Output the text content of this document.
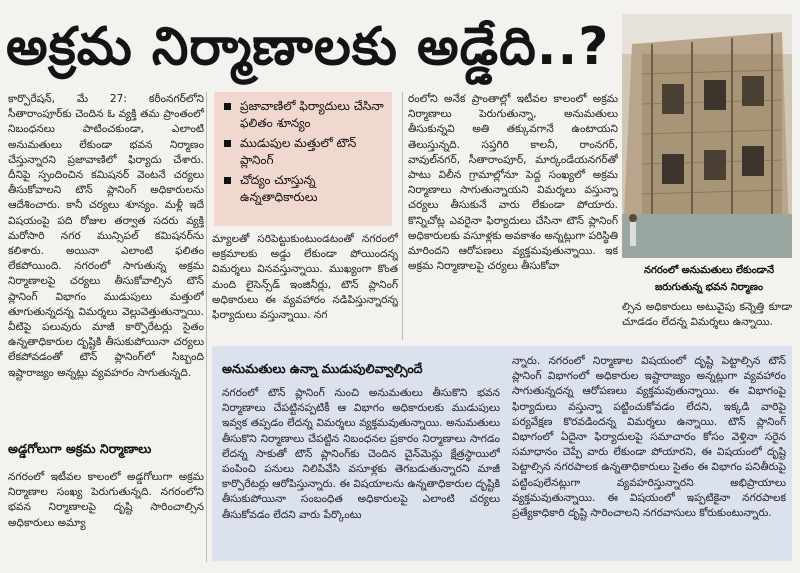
అక్రమ నిర్మాణాలకు అడ్డేది..?

కార్పొరేషన్, మే 27: కరీంనగర్‌లోని సీతారాంపూర్‌కు చెందిన ఓ వ్యక్తి తమ ప్రాంతంలో నిబంధనలు పాటించకుండా, ఎలాంటి అనుమతులు లేకుండా భవన నిర్మాణం చేస్తున్నారని ప్రజావాణిలో ఫిర్యాదు చేశారు. దీనిపై స్పందించిన కమిషనర్ వెంటనే చర్యలు తీసుకోవాలని టౌన్ ప్లానింగ్ అధికారులను ఆదేశించారు. కానీ చర్యలు శూన్యం. మళ్లీ ఇదే విషయంపై పది రోజుల తర్వాత సదరు వ్యక్తి మరోసారి నగర మున్సిపల్ కమిషనర్‌ను కలిశారు. అయినా ఎలాంటి ఫలితం లేకపోయింది. నగరంలో సాగుతున్న అక్రమ నిర్మాణాలపై చర్యలు తీసుకోవాల్సిన టౌన్ ప్లానింగ్ విభాగం ముడుపులు మత్తులో తూగుతున్నదన్న విమర్శలు వెల్లువెత్తుతున్నాయి. వీటిపై పలువురు మాజీ కార్పొరేటర్లు సైతం ఉన్నతాధికారుల దృష్టికి తీసుకుపోయినా చర్యలు లేకపోవడంతో టౌన్ ప్లానింగ్‌లో సిబ్బంది ఇష్టారాజ్యం అన్నట్లు వ్యవహరం సాగుతున్నది.

అడ్డగోలుగా అక్రమ నిర్మాణాలు

నగరంలో ఇటీవల కాలంలో అడ్డగోలుగా అక్రమ నిర్మాణాల సంఖ్య పెరుగుతున్నది. నగరంలోని భవన నిర్మాణాలపై దృష్టి సారించాల్సిన అధికారులు అమ్యా

ప్రజావాణిలో ఫిర్యాదులు చేసినా ఫలితం శూన్యం
ముడుపుల మత్తులో టౌన్ ప్లానింగ్
చోద్యం చూస్తున్న ఉన్నతాధికారులు

మ్యాలతో సరిపెట్టుకుంటుండటంతో నగరంలో అక్రమాలకు అడ్డు లేకుండా పోయిందన్న విమర్శలు వినవస్తున్నాయి. ముఖ్యంగా కొంత మంది లైసెన్స్‌డ్ ఇంజినీర్లు, టౌన్ ప్లానింగ్ అధికారులు ఈ వ్యవహారం నడిపిస్తున్నారన్న ఫిర్యాదులు వస్తున్నాయి. నగ

రంలోని అనేక ప్రాంతాల్లో ఇటీవల కాలంలో అక్రమ నిర్మాణాలు పెరుగుతున్నా, అనుమతులు తీసుకున్నవి అతి తక్కువగానే ఉంటాయని తెలుస్తున్నది. సప్తగిరి కాలనీ, రాంనగర్, వావుల్‌నగర్, సీతారాంపూర్, మార్కండేయనగర్‌తో పాటు విలీన గ్రామాల్లోనూ పెద్ద సంఖ్యలో అక్రమ నిర్మాణాలు సాగుతున్నాయని విమర్శలు వస్తున్నా చర్యలు తీసుకునే వారు లేకుండా పోయారు. కొన్నిచోట్ల ఎవరైనా ఫిర్యాదులు చేసినా టౌన్ ప్లానింగ్ అధికారులకు వసూళ్లకు అవకాశం అన్నట్లుగా పరిస్థితి మారిందని ఆరోపణలు వ్యక్తమవుతున్నాయి. ఇక అక్రమ నిర్మాణాలపై చర్యలు తీసుకోవా	నగరంలో అనుమతులు లేకుండానే
జరుగుతున్న భవన నిర్మాణం

ల్సిన అధికారులు అటువైపు కన్నెత్తి కూడా చూడడం లేదన్న విమర్శలు ఉన్నాయి.

అనుమతులు ఉన్నా ముడుపులివ్వాల్సిందే

నగరంలో టౌన్ ప్లానింగ్ నుంచి అనుమతులు తీసుకొని భవన నిర్మాణాలు చేపట్టినప్పటికీ ఆ విభాగం అధికారులకు ముడుపులు ఇవ్వక తప్పడం లేదన్న విమర్శలు వ్యక్తమవుతున్నాయి. అనుమతులు తీసుకొని నిర్మాణాలు చేపట్టిన నిబంధనల ప్రకారం నిర్మాణాలు సాగడం లేదన్న సాకుతో టౌన్ ప్లానింగ్‌కు చెందిన చైన్‌మెన్లు క్షేత్రస్థాయిలో పంపించి పనులు నిలిపివేసి వసూళ్లకు తెగబడుతున్నారని మాజీ కార్పొరేటర్లు ఆరోపిస్తున్నారు. ఈ విషయాలను ఉన్నతాధికారుల దృష్టికి తీసుకుపోయినా సంబంధిత అధికారులపై ఎలాంటి చర్యలు తీసుకోవడం లేదని వారు పేర్కొంటు

న్నారు. నగరంలో నిర్మాణాల విషయంలో దృష్టి పెట్టాల్సిన టౌన్ ప్లానింగ్ విభాగంలో అధికారుల ఇష్టారాజ్యం అన్నట్లుగా వ్యవహారం సాగుతున్నదన్న ఆరోపణలు వ్యక్తమవుతున్నాయి. ఈ విభాగంపై ఫిర్యాదులు వస్తున్నా పట్టించుకోవడం లేదని, ఇక్కడి వారిపై పర్యవేక్షణ కొరవడిందన్న విమర్శలు ఉన్నాయి. టౌన్ ప్లానింగ్ విభాగంలో ఏదైనా ఫిర్యాదులపై సమాచారం కోసం వెళ్తినా సరైన సమాధానం చెప్పే వారు లేకుండా పోయారని, ఈ విషయంలో దృష్టి పెట్టాల్సిన నగరపాలక ఉన్నతాధికారులు సైతం ఈ విభాగం పనితీరుపై పట్టింపులేనట్లుగా వ్యవహరిస్తున్నారని అభిప్రాయాలు వ్యక్తమవుతున్నాయి. ఈ విషయంలో ఇప్పటికైనా నగరపాలక ప్రత్యేకాధికారి దృష్టి సారించాలని నగరవాసులు కోరుకుంటున్నారు.
